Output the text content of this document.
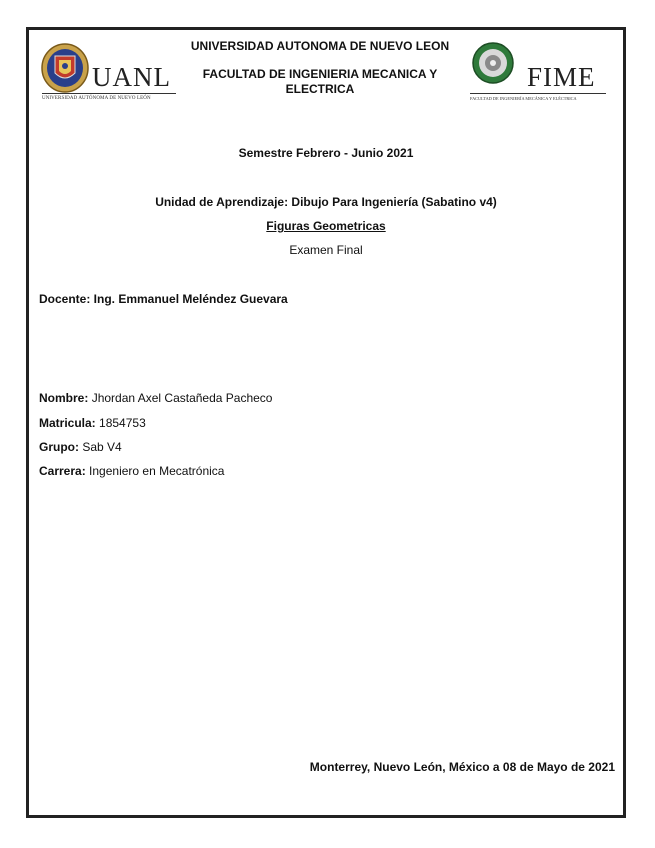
UANL
UNIVERSIDAD AUTÓNOMA DE NUEVO LEÓN
FIME
FACULTAD DE INGENIERÍA MECÁNICA Y ELÉCTRICA
UNIVERSIDAD AUTONOMA DE NUEVO LEON
FACULTAD DE INGENIERIA MECANICA Y ELECTRICA
Semestre Febrero - Junio 2021
Unidad de Aprendizaje: Dibujo Para Ingeniería (Sabatino v4)
Figuras Geometricas
Examen Final
Docente: Ing. Emmanuel Meléndez Guevara
Nombre: Jhordan Axel Castañeda Pacheco
Matricula: 1854753
Grupo: Sab V4
Carrera: Ingeniero en Mecatrónica
Monterrey, Nuevo León, México a 08 de Mayo de 2021
